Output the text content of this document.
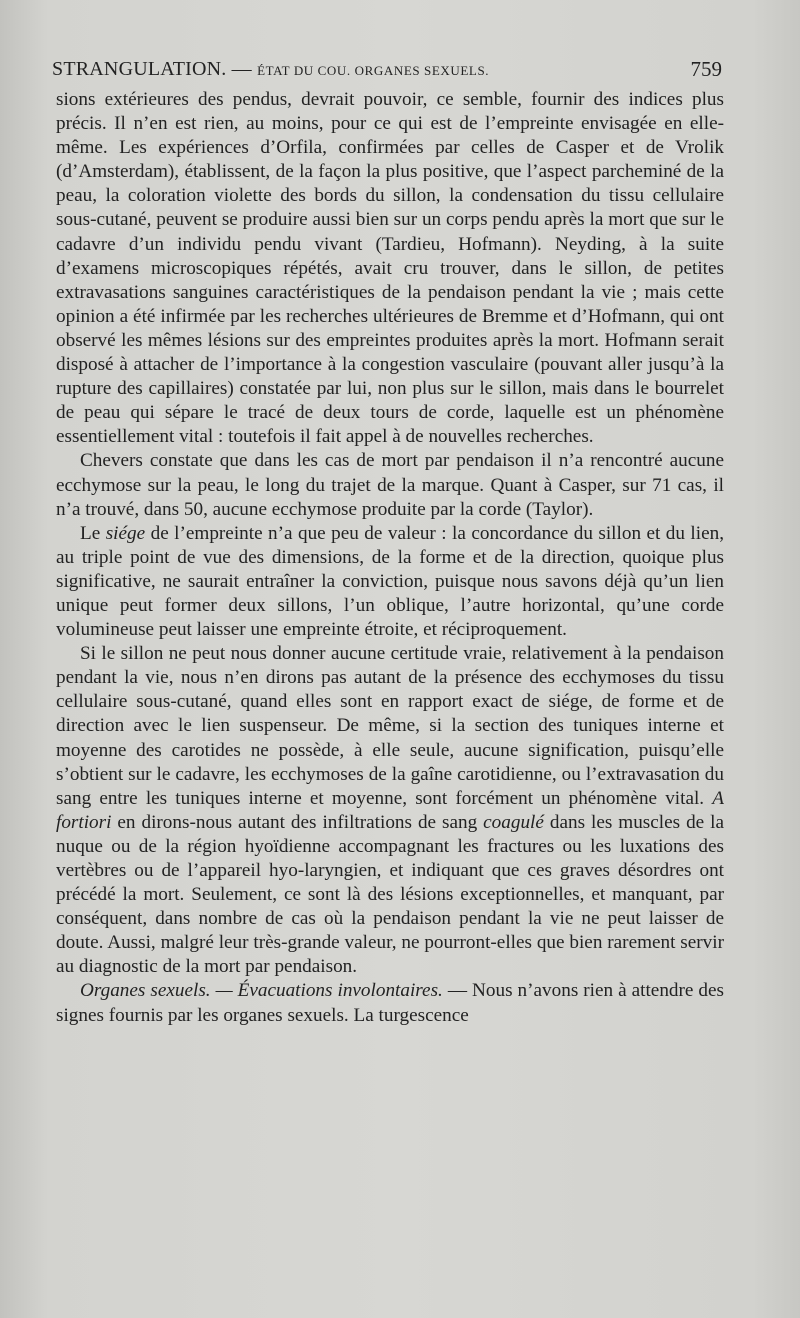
STRANGULATION. — ÉTAT DU COU. ORGANES SEXUELS.	759

sions extérieures des pendus, devrait pouvoir, ce semble, fournir des indices plus précis. Il n’en est rien, au moins, pour ce qui est de l’empreinte envisagée en elle-même. Les expériences d’Orfila, confirmées par celles de Casper et de Vrolik (d’Amsterdam), établissent, de la façon la plus positive, que l’aspect parcheminé de la peau, la coloration violette des bords du sillon, la condensation du tissu cellulaire sous-cutané, peuvent se produire aussi bien sur un corps pendu après la mort que sur le cadavre d’un individu pendu vivant (Tardieu, Hofmann). Neyding, à la suite d’examens microscopiques répétés, avait cru trouver, dans le sillon, de petites extravasations sanguines caractéristiques de la pendaison pendant la vie ; mais cette opinion a été infirmée par les recherches ultérieures de Bremme et d’Hofmann, qui ont observé les mêmes lésions sur des empreintes produites après la mort. Hofmann serait disposé à attacher de l’importance à la congestion vasculaire (pouvant aller jusqu’à la rupture des capillaires) constatée par lui, non plus sur le sillon, mais dans le bourrelet de peau qui sépare le tracé de deux tours de corde, laquelle est un phénomène essentiellement vital : toutefois il fait appel à de nouvelles recherches.

Chevers constate que dans les cas de mort par pendaison il n’a rencontré aucune ecchymose sur la peau, le long du trajet de la marque. Quant à Casper, sur 71 cas, il n’a trouvé, dans 50, aucune ecchymose produite par la corde (Taylor).

Le siége de l’empreinte n’a que peu de valeur : la concordance du sillon et du lien, au triple point de vue des dimensions, de la forme et de la direction, quoique plus significative, ne saurait entraîner la conviction, puisque nous savons déjà qu’un lien unique peut former deux sillons, l’un oblique, l’autre horizontal, qu’une corde volumineuse peut laisser une empreinte étroite, et réciproquement.

Si le sillon ne peut nous donner aucune certitude vraie, relativement à la pendaison pendant la vie, nous n’en dirons pas autant de la présence des ecchymoses du tissu cellulaire sous-cutané, quand elles sont en rapport exact de siége, de forme et de direction avec le lien suspenseur. De même, si la section des tuniques interne et moyenne des carotides ne possède, à elle seule, aucune signification, puisqu’elle s’obtient sur le cadavre, les ecchymoses de la gaîne carotidienne, ou l’extravasation du sang entre les tuniques interne et moyenne, sont forcément un phénomène vital. A fortiori en dirons-nous autant des infiltrations de sang coagulé dans les muscles de la nuque ou de la région hyoïdienne accompagnant les fractures ou les luxations des vertèbres ou de l’appareil hyo-laryngien, et indiquant que ces graves désordres ont précédé la mort. Seulement, ce sont là des lésions exceptionnelles, et manquant, par conséquent, dans nombre de cas où la pendaison pendant la vie ne peut laisser de doute. Aussi, malgré leur très-grande valeur, ne pourront-elles que bien rarement servir au diagnostic de la mort par pendaison.

Organes sexuels. — Évacuations involontaires. — Nous n’avons rien à attendre des signes fournis par les organes sexuels. La turgescence
